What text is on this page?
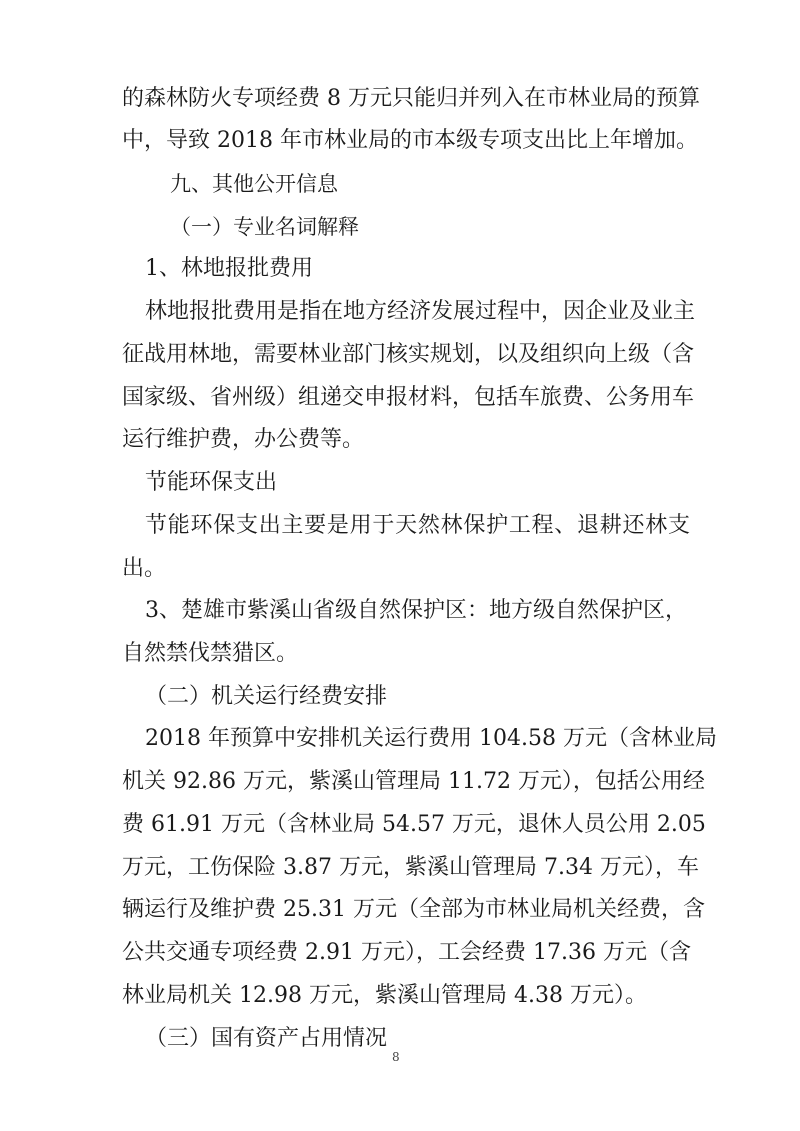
的森林防火专项经费 8 万元只能归并列入在市林业局的预算
中，导致 2018 年市林业局的市本级专项支出比上年增加。
九、其他公开信息
（一）专业名词解释
1、林地报批费用
林地报批费用是指在地方经济发展过程中，因企业及业主
征战用林地，需要林业部门核实规划，以及组织向上级（含
国家级、省州级）组递交申报材料，包括车旅费、公务用车
运行维护费，办公费等。
节能环保支出
节能环保支出主要是用于天然林保护工程、退耕还林支
出。
3、楚雄市紫溪山省级自然保护区：地方级自然保护区，
自然禁伐禁猎区。
（二）机关运行经费安排
2018 年预算中安排机关运行费用 104.58 万元（含林业局
机关 92.86 万元，紫溪山管理局 11.72 万元），包括公用经
费 61.91 万元（含林业局 54.57 万元，退休人员公用 2.05
万元，工伤保险 3.87 万元，紫溪山管理局 7.34 万元），车
辆运行及维护费 25.31 万元（全部为市林业局机关经费，含
公共交通专项经费 2.91 万元），工会经费 17.36 万元（含
林业局机关 12.98 万元，紫溪山管理局 4.38 万元）。
（三）国有资产占用情况
8
